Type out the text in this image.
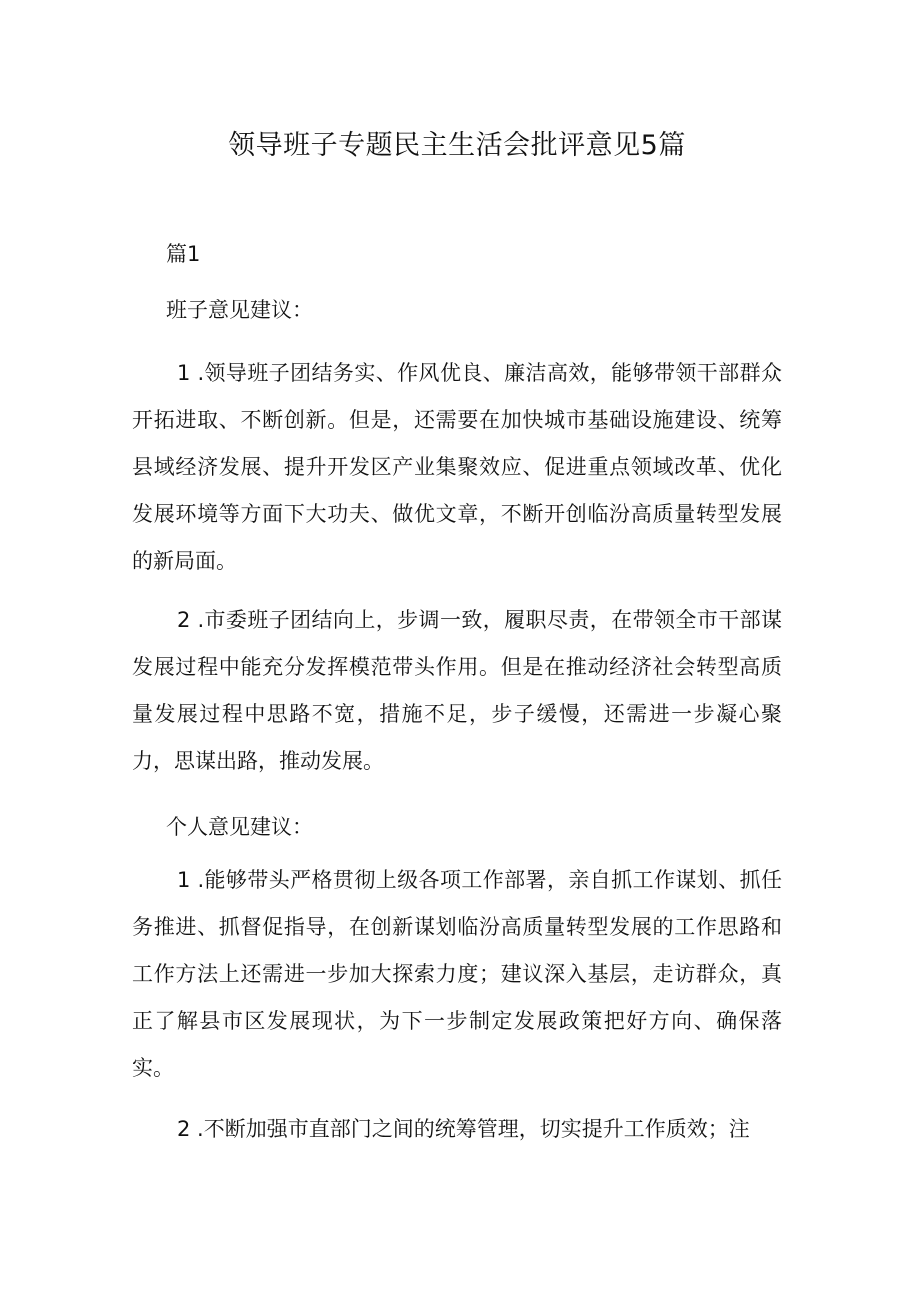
领导班子专题民主生活会批评意见5篇

篇1

班子意见建议：

1 .领导班子团结务实、作风优良、廉洁高效，能够带领干部群众开拓进取、不断创新。但是，还需要在加快城市基础设施建设、统筹县域经济发展、提升开发区产业集聚效应、促进重点领域改革、优化发展环境等方面下大功夫、做优文章，不断开创临汾高质量转型发展的新局面。

2 .市委班子团结向上，步调一致，履职尽责，在带领全市干部谋发展过程中能充分发挥模范带头作用。但是在推动经济社会转型高质量发展过程中思路不宽，措施不足，步子缓慢，还需进一步凝心聚力，思谋出路，推动发展。

个人意见建议：

1 .能够带头严格贯彻上级各项工作部署，亲自抓工作谋划、抓任务推进、抓督促指导，在创新谋划临汾高质量转型发展的工作思路和工作方法上还需进一步加大探索力度；建议深入基层，走访群众，真正了解县市区发展现状，为下一步制定发展政策把好方向、确保落实。

2 .不断加强市直部门之间的统筹管理，切实提升工作质效；注
